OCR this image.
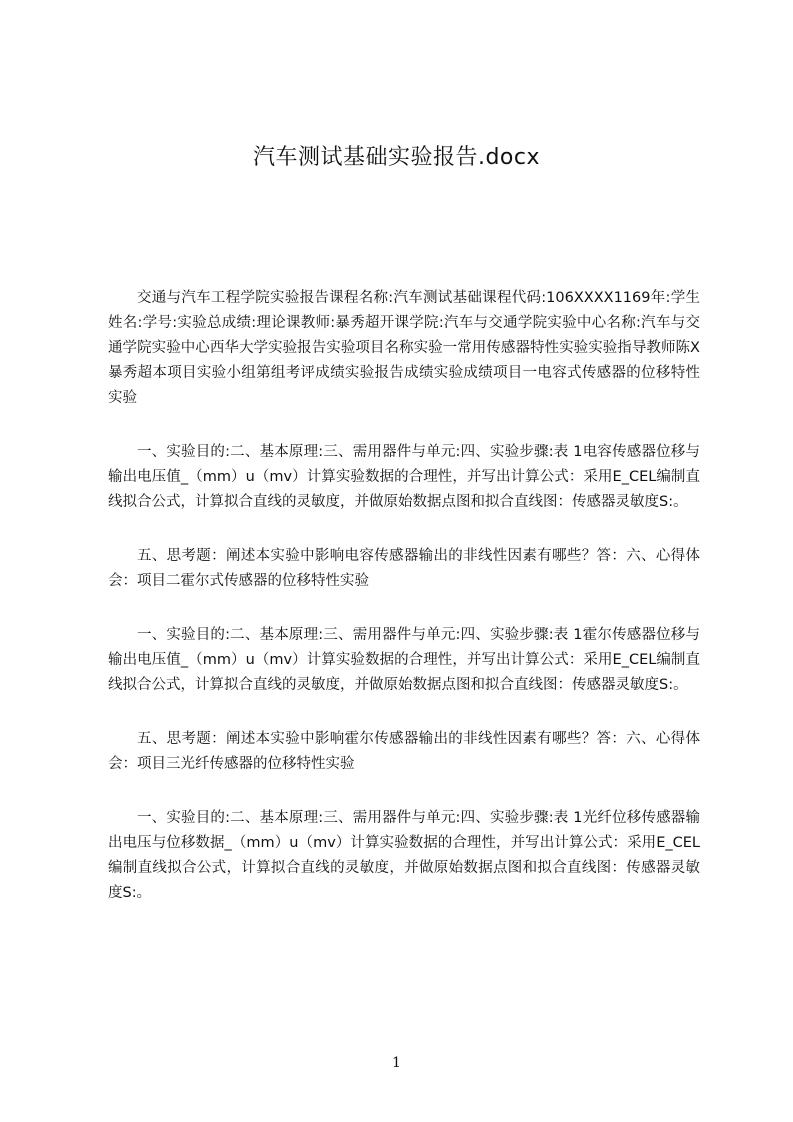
汽车测试基础实验报告.docx

交通与汽车工程学院实验报告课程名称:汽车测试基础课程代码:106XXXX1169年:学生姓名:学号:实验总成绩:理论课教师:暴秀超开课学院:汽车与交通学院实验中心名称:汽车与交通学院实验中心西华大学实验报告实验项目名称实验一常用传感器特性实验实验指导教师陈X暴秀超本项目实验小组第组考评成绩实验报告成绩实验成绩项目一电容式传感器的位移特性实验

一、实验目的:二、基本原理:三、需用器件与单元:四、实验步骤:表 1电容传感器位移与输出电压值_（mm）u（mv）计算实验数据的合理性，并写出计算公式：采用E_CEL编制直线拟合公式，计算拟合直线的灵敏度，并做原始数据点图和拟合直线图：传感器灵敏度S:。

五、思考题：阐述本实验中影响电容传感器输出的非线性因素有哪些？答：六、心得体会：项目二霍尔式传感器的位移特性实验

一、实验目的:二、基本原理:三、需用器件与单元:四、实验步骤:表 1霍尔传感器位移与输出电压值_（mm）u（mv）计算实验数据的合理性，并写出计算公式：采用E_CEL编制直线拟合公式，计算拟合直线的灵敏度，并做原始数据点图和拟合直线图：传感器灵敏度S:。

五、思考题：阐述本实验中影响霍尔传感器输出的非线性因素有哪些？答：六、心得体会：项目三光纤传感器的位移特性实验

一、实验目的:二、基本原理:三、需用器件与单元:四、实验步骤:表 1光纤位移传感器输出电压与位移数据_（mm）u（mv）计算实验数据的合理性，并写出计算公式：采用E_CEL编制直线拟合公式，计算拟合直线的灵敏度，并做原始数据点图和拟合直线图：传感器灵敏度S:。

1
